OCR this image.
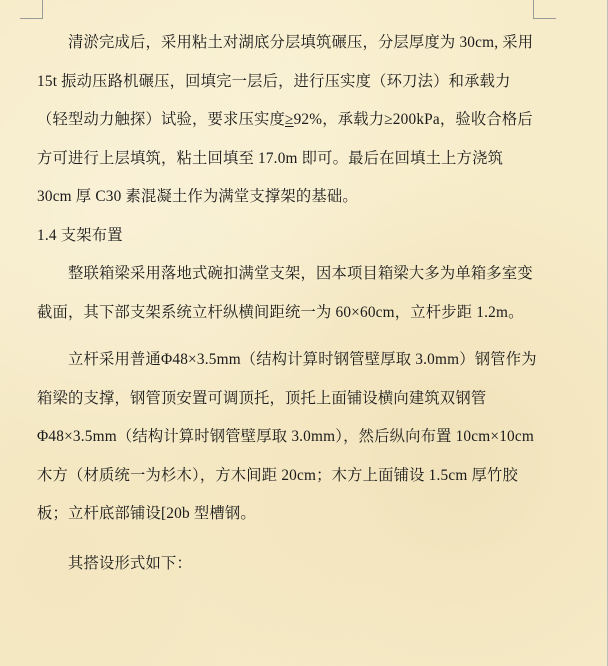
清淤完成后，采用粘土对湖底分层填筑碾压，分层厚度为 30cm, 采用 15t 振动压路机碾压，回填完一层后，进行压实度（环刀法）和承载力（轻型动力触探）试验，要求压实度≥92%，承载力≥200kPa，验收合格后方可进行上层填筑，粘土回填至 17.0m 即可。最后在回填土上方浇筑 30cm 厚 C30 素混凝土作为满堂支撑架的基础。

1.4 支架布置

整联箱梁采用落地式碗扣满堂支架，因本项目箱梁大多为单箱多室变截面，其下部支架系统立杆纵横间距统一为 60×60cm，立杆步距 1.2m。

立杆采用普通Φ48×3.5mm（结构计算时钢管壁厚取 3.0mm）钢管作为箱梁的支撑，钢管顶安置可调顶托，顶托上面铺设横向建筑双钢管Φ48×3.5mm（结构计算时钢管壁厚取 3.0mm），然后纵向布置 10cm×10cm 木方（材质统一为杉木），方木间距 20cm；木方上面铺设 1.5cm 厚竹胶板；立杆底部铺设[20b 型槽钢。

其搭设形式如下：
